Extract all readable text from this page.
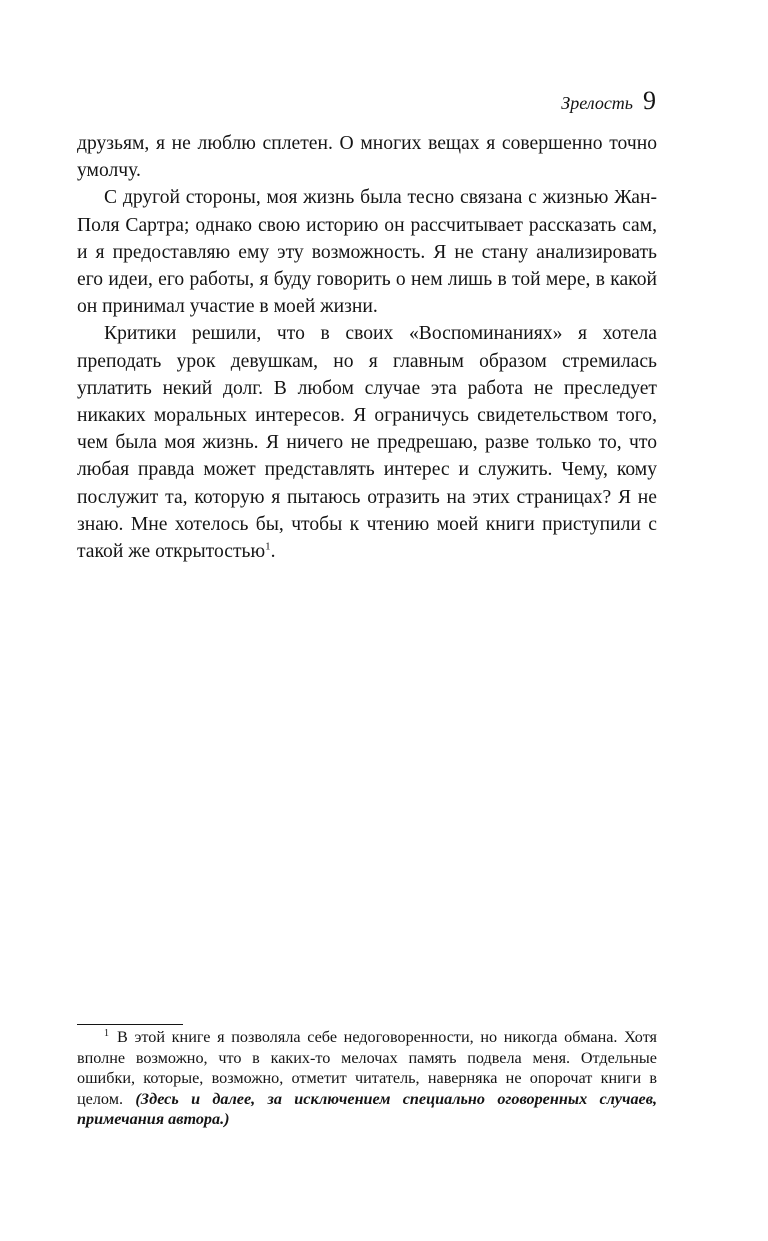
Зрелость 9

друзьям, я не люблю сплетен. О многих вещах я совершенно точно умолчу.

С другой стороны, моя жизнь была тесно связана с жизнью Жан-Поля Сартра; однако свою историю он рассчитывает рассказать сам, и я предоставляю ему эту возможность. Я не стану анализировать его идеи, его работы, я буду говорить о нем лишь в той мере, в какой он принимал участие в моей жизни.

Критики решили, что в своих «Воспоминаниях» я хотела преподать урок девушкам, но я главным образом стремилась уплатить некий долг. В любом случае эта работа не преследует никаких моральных интересов. Я ограничусь свидетельством того, чем была моя жизнь. Я ничего не предрешаю, разве только то, что любая правда может представлять интерес и служить. Чему, кому послужит та, которую я пытаюсь отразить на этих страницах? Я не знаю. Мне хотелось бы, чтобы к чтению моей книги приступили с такой же открытостью$^1$.

$^1$ В этой книге я позволяла себе недоговоренности, но никогда обмана. Хотя вполне возможно, что в каких-то мелочах память подвела меня. Отдельные ошибки, которые, возможно, отметит читатель, наверняка не опорочат книги в целом. (Здесь и далее, за исключением специально оговоренных случаев, примечания автора.)
